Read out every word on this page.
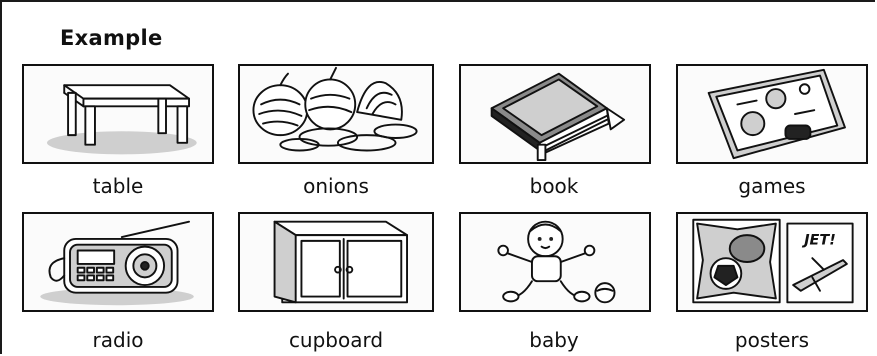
Example
table	onions	book	games
radio	cupboard	baby
JET!
posters
